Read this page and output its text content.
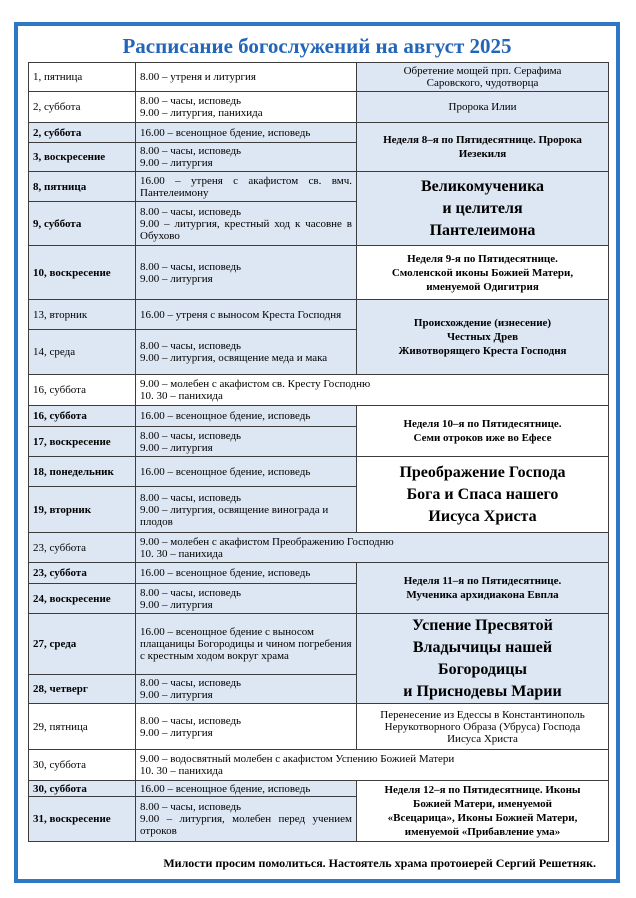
Расписание богослужений на август 2025
1, пятница	8.00 – утреня и литургия	Обретение мощей прп. Серафима
Саровского, чудотворца

2, суббота	8.00 – часы, исповедь
9.00 – литургия, панихида	Пророка Илии

2, суббота	16.00 – всенощное бдение, исповедь	Неделя 8–я по Пятидесятнице. Пророка
Иезекиля

3, воскресение	8.00 – часы, исповедь
9.00 – литургия	

8, пятница	16.00 – утреня с акафистом св. вмч. Пантелеимону	Великомученика
и целителя
Пантелеимона

9, суббота	8.00 – часы, исповедь
9.00 – литургия, крестный ход к часовне в Обухово	

10, воскресение	8.00 – часы, исповедь
9.00 – литургия	Неделя 9-я по Пятидесятнице.
Смоленской иконы Божией Матери,
именуемой Одигитрия

13, вторник	16.00 – утреня с выносом Креста Господня	Происхождение (изнесение)
Честных Древ
Животворящего Креста Господня

14, среда	8.00 – часы, исповедь
9.00 – литургия, освящение меда и мака	

16, суббота	9.00 – молебен с акафистом св. Кресту Господню
10. 30 – панихида	

16, суббота	16.00 – всенощное бдение, исповедь	Неделя 10–я по Пятидесятнице.
Семи отроков иже во Ефесе

17, воскресение	8.00 – часы, исповедь
9.00 – литургия	

18, понедельник	16.00 – всенощное бдение, исповедь	Преображение Господа
Бога и Спаса нашего
Иисуса Христа

19, вторник	8.00 – часы, исповедь
9.00 – литургия, освящение винограда и плодов	

23, суббота	9.00 – молебен с акафистом Преображению Господню
10. 30 – панихида	

23, суббота	16.00 – всенощное бдение, исповедь	Неделя 11–я по Пятидесятнице.
Мученика архидиакона Евпла

24, воскресение	8.00 – часы, исповедь
9.00 – литургия	

27, среда	16.00 – всенощное бдение с выносом плащаницы Богородицы и чином погребения с крестным ходом вокруг храма	Успение Пресвятой
Владычицы нашей
Богородицы
и Приснодевы Марии

28, четверг	8.00 – часы, исповедь
9.00 – литургия	

29, пятница	8.00 – часы, исповедь
9.00 – литургия	Перенесение из Едессы в Константинополь
Нерукотворного Образа (Убруса) Господа
Иисуса Христа

30, суббота	9.00 – водосвятный молебен с акафистом Успению Божией Матери
10. 30 – панихида	

30, суббота	16.00 – всенощное бдение, исповедь	Неделя 12–я по Пятидесятнице. Иконы
Божией Матери, именуемой
«Всецарица», Иконы Божией Матери,
именуемой «Прибавление ума»

31, воскресение	8.00 – часы, исповедь
9.00 – литургия, молебен перед учением отроков	
Милости просим помолиться. Настоятель храма протоиерей Сергий Решетняк.
